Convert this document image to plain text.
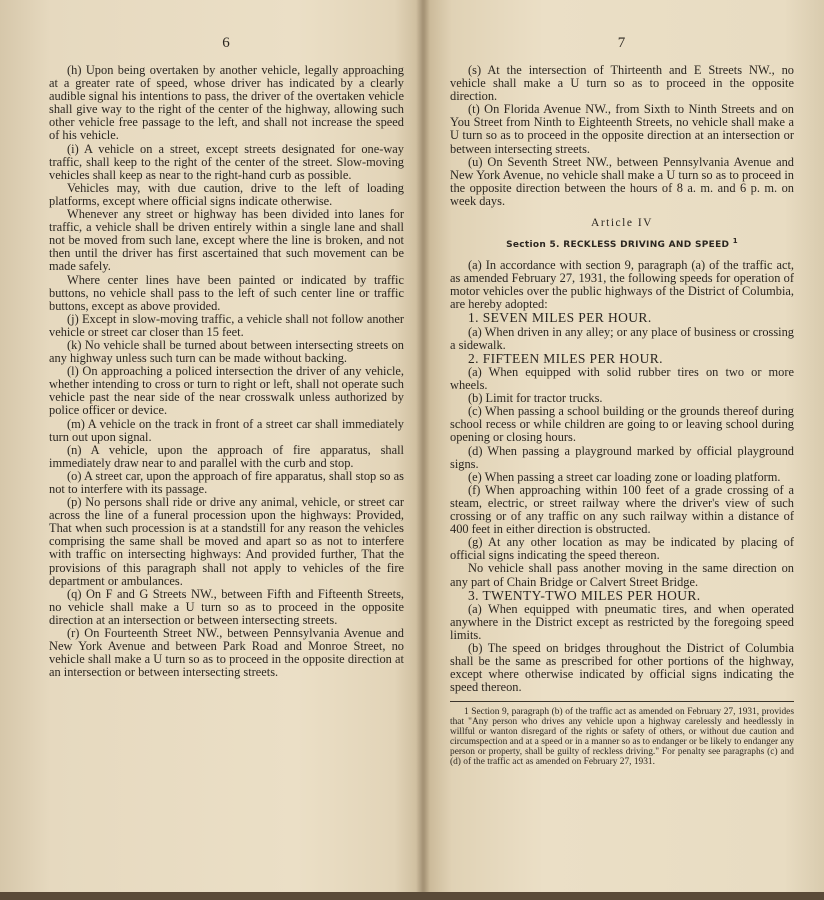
6

(h) Upon being overtaken by another vehicle, legally approaching at a greater rate of speed, whose driver has indicated by a clearly audible signal his intentions to pass, the driver of the overtaken vehicle shall give way to the right of the center of the highway, allowing such other vehicle free passage to the left, and shall not increase the speed of his vehicle.

(i) A vehicle on a street, except streets designated for one-way traffic, shall keep to the right of the center of the street. Slow-moving vehicles shall keep as near to the right-hand curb as possible.

Vehicles may, with due caution, drive to the left of loading platforms, except where official signs indicate otherwise.

Whenever any street or highway has been divided into lanes for traffic, a vehicle shall be driven entirely within a single lane and shall not be moved from such lane, except where the line is broken, and not then until the driver has first ascertained that such movement can be made safely.

Where center lines have been painted or indicated by traffic buttons, no vehicle shall pass to the left of such center line or traffic buttons, except as above provided.

(j) Except in slow-moving traffic, a vehicle shall not follow another vehicle or street car closer than 15 feet.

(k) No vehicle shall be turned about between intersecting streets on any highway unless such turn can be made without backing.

(l) On approaching a policed intersection the driver of any vehicle, whether intending to cross or turn to right or left, shall not operate such vehicle past the near side of the near crosswalk unless authorized by police officer or device.

(m) A vehicle on the track in front of a street car shall immediately turn out upon signal.

(n) A vehicle, upon the approach of fire apparatus, shall immediately draw near to and parallel with the curb and stop.

(o) A street car, upon the approach of fire apparatus, shall stop so as not to interfere with its passage.

(p) No persons shall ride or drive any animal, vehicle, or street car across the line of a funeral procession upon the highways: Provided, That when such procession is at a standstill for any reason the vehicles comprising the same shall be moved and apart so as not to interfere with traffic on intersecting highways: And provided further, That the provisions of this paragraph shall not apply to vehicles of the fire department or ambulances.

(q) On F and G Streets NW., between Fifth and Fifteenth Streets, no vehicle shall make a U turn so as to proceed in the opposite direction at an intersection or between intersecting streets.

(r) On Fourteenth Street NW., between Pennsylvania Avenue and New York Avenue and between Park Road and Monroe Street, no vehicle shall make a U turn so as to proceed in the opposite direction at an intersection or between intersecting streets.

7

(s) At the intersection of Thirteenth and E Streets NW., no vehicle shall make a U turn so as to proceed in the opposite direction.

(t) On Florida Avenue NW., from Sixth to Ninth Streets and on You Street from Ninth to Eighteenth Streets, no vehicle shall make a U turn so as to proceed in the opposite direction at an intersection or between intersecting streets.

(u) On Seventh Street NW., between Pennsylvania Avenue and New York Avenue, no vehicle shall make a U turn so as to proceed in the opposite direction between the hours of 8 a. m. and 6 p. m. on week days.

Article IV
Section 5. RECKLESS DRIVING AND SPEED $^1$

(a) In accordance with section 9, paragraph (a) of the traffic act, as amended February 27, 1931, the following speeds for operation of motor vehicles over the public highways of the District of Columbia, are hereby adopted:

1. SEVEN MILES PER HOUR.

(a) When driven in any alley; or any place of business or crossing a sidewalk.

2. FIFTEEN MILES PER HOUR.

(a) When equipped with solid rubber tires on two or more wheels.

(b) Limit for tractor trucks.

(c) When passing a school building or the grounds thereof during school recess or while children are going to or leaving school during opening or closing hours.

(d) When passing a playground marked by official playground signs.

(e) When passing a street car loading zone or loading platform.

(f) When approaching within 100 feet of a grade crossing of a steam, electric, or street railway where the driver's view of such crossing or of any traffic on any such railway within a distance of 400 feet in either direction is obstructed.

(g) At any other location as may be indicated by placing of official signs indicating the speed thereon.

No vehicle shall pass another moving in the same direction on any part of Chain Bridge or Calvert Street Bridge.

3. TWENTY-TWO MILES PER HOUR.

(a) When equipped with pneumatic tires, and when operated anywhere in the District except as restricted by the foregoing speed limits.

(b) The speed on bridges throughout the District of Columbia shall be the same as prescribed for other portions of the highway, except where otherwise indicated by official signs indicating the speed thereon.

1 Section 9, paragraph (b) of the traffic act as amended on February 27, 1931, provides that "Any person who drives any vehicle upon a highway carelessly and heedlessly in willful or wanton disregard of the rights or safety of others, or without due caution and circumspection and at a speed or in a manner so as to endanger or be likely to endanger any person or property, shall be guilty of reckless driving." For penalty see paragraphs (c) and (d) of the traffic act as amended on February 27, 1931.
